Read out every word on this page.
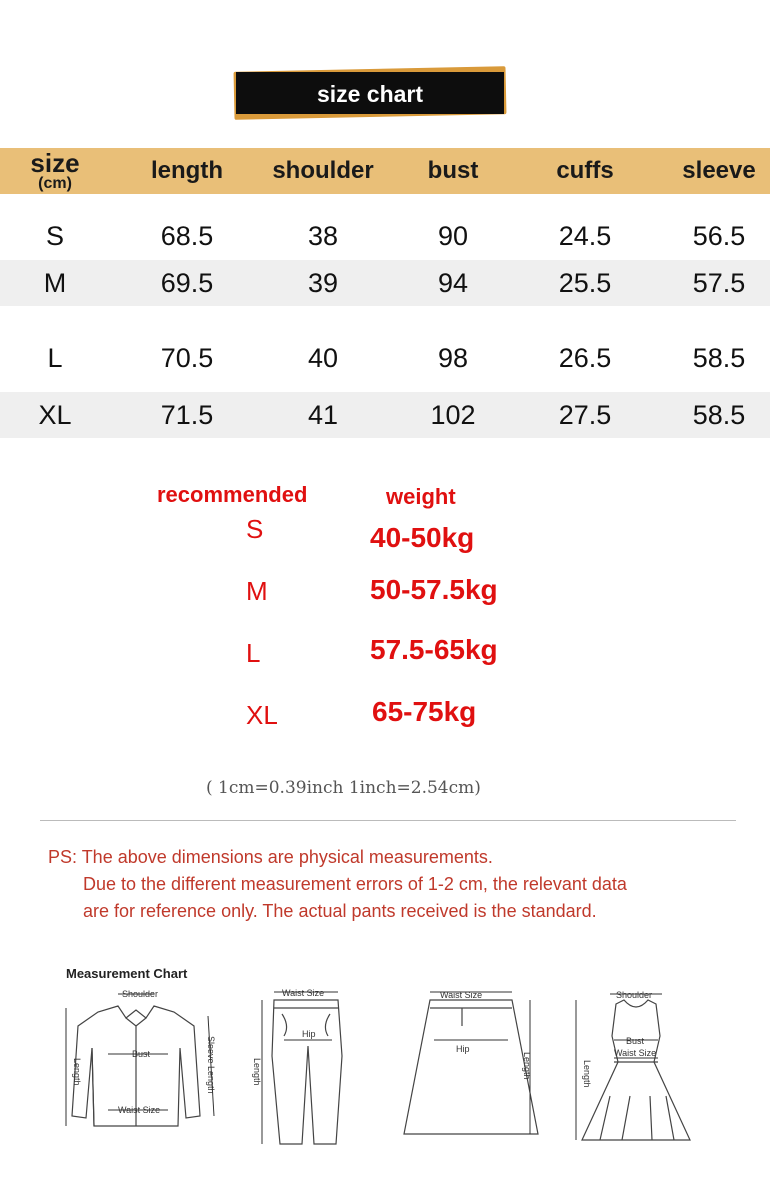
size chart
size
(cm)	length	shoulder	bust	cuffs	sleeve
S	68.5	38	90	24.5	56.5
M	69.5	39	94	25.5	57.5
L	70.5	40	98	26.5	58.5
XL	71.5	41	102	27.5	58.5
recommended	weight
S	40-50kg
M	50-57.5kg
L	57.5-65kg
XL	65-75kg
( 1cm=0.39inch 1inch=2.54cm)
PS: The above dimensions are physical measurements.
Due to the different measurement errors of 1-2 cm, the relevant data
are for reference only. The actual pants received is the standard.
Measurement Chart
Shoulder
Bust
Waist Size
Length	Sleeve Length
Waist Size
Hip
Length
Waist Size
Hip
Length
Shoulder
Bust
Waist Size
Length
